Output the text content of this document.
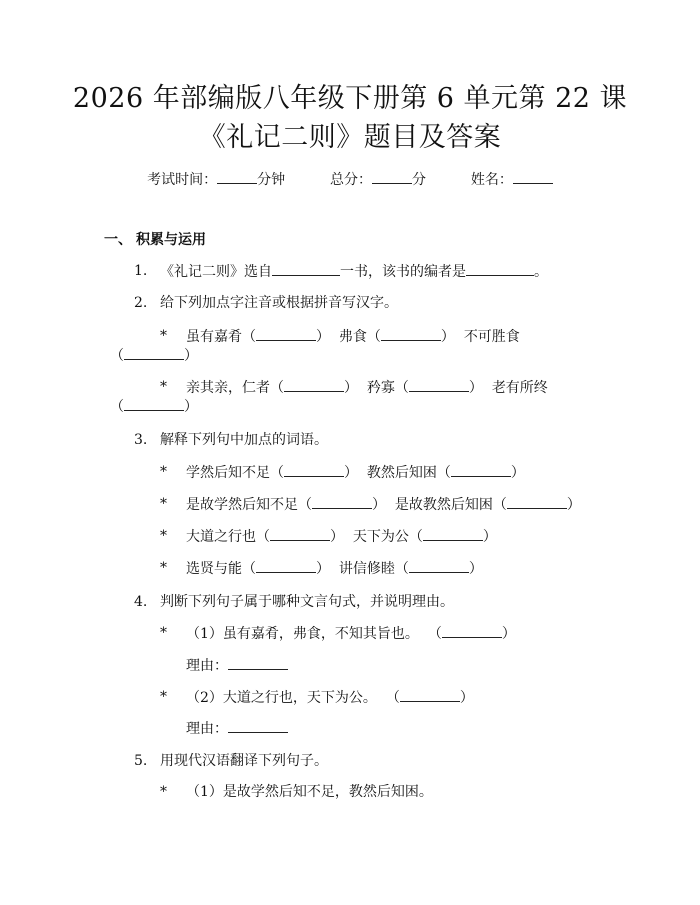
2026 年部编版八年级下册第 6 单元第 22 课
《礼记二则》题目及答案
考试时间：	分钟	总分：	分	姓名：
一、 积累与运用
1. 《礼记二则》选自	一书，该书的编者是	。
2. 给下列加点字注音或根据拼音写汉字。
* 虽有嘉肴（	） 弗食（	） 不可胜食
（	）
* 亲其亲，仁者（	） 矜寡（	） 老有所终
（	）
3. 解释下列句中加点的词语。
* 学然后知不足（	） 教然后知困（	）
* 是故学然后知不足（	） 是故教然后知困（	）
* 大道之行也（	） 天下为公（	）
* 选贤与能（	） 讲信修睦（	）
4. 判断下列句子属于哪种文言句式，并说明理由。
* （1）虽有嘉肴，弗食，不知其旨也。 （	）
理由：
* （2）大道之行也，天下为公。 （	）
理由：
5. 用现代汉语翻译下列句子。
* （1）是故学然后知不足，教然后知困。
